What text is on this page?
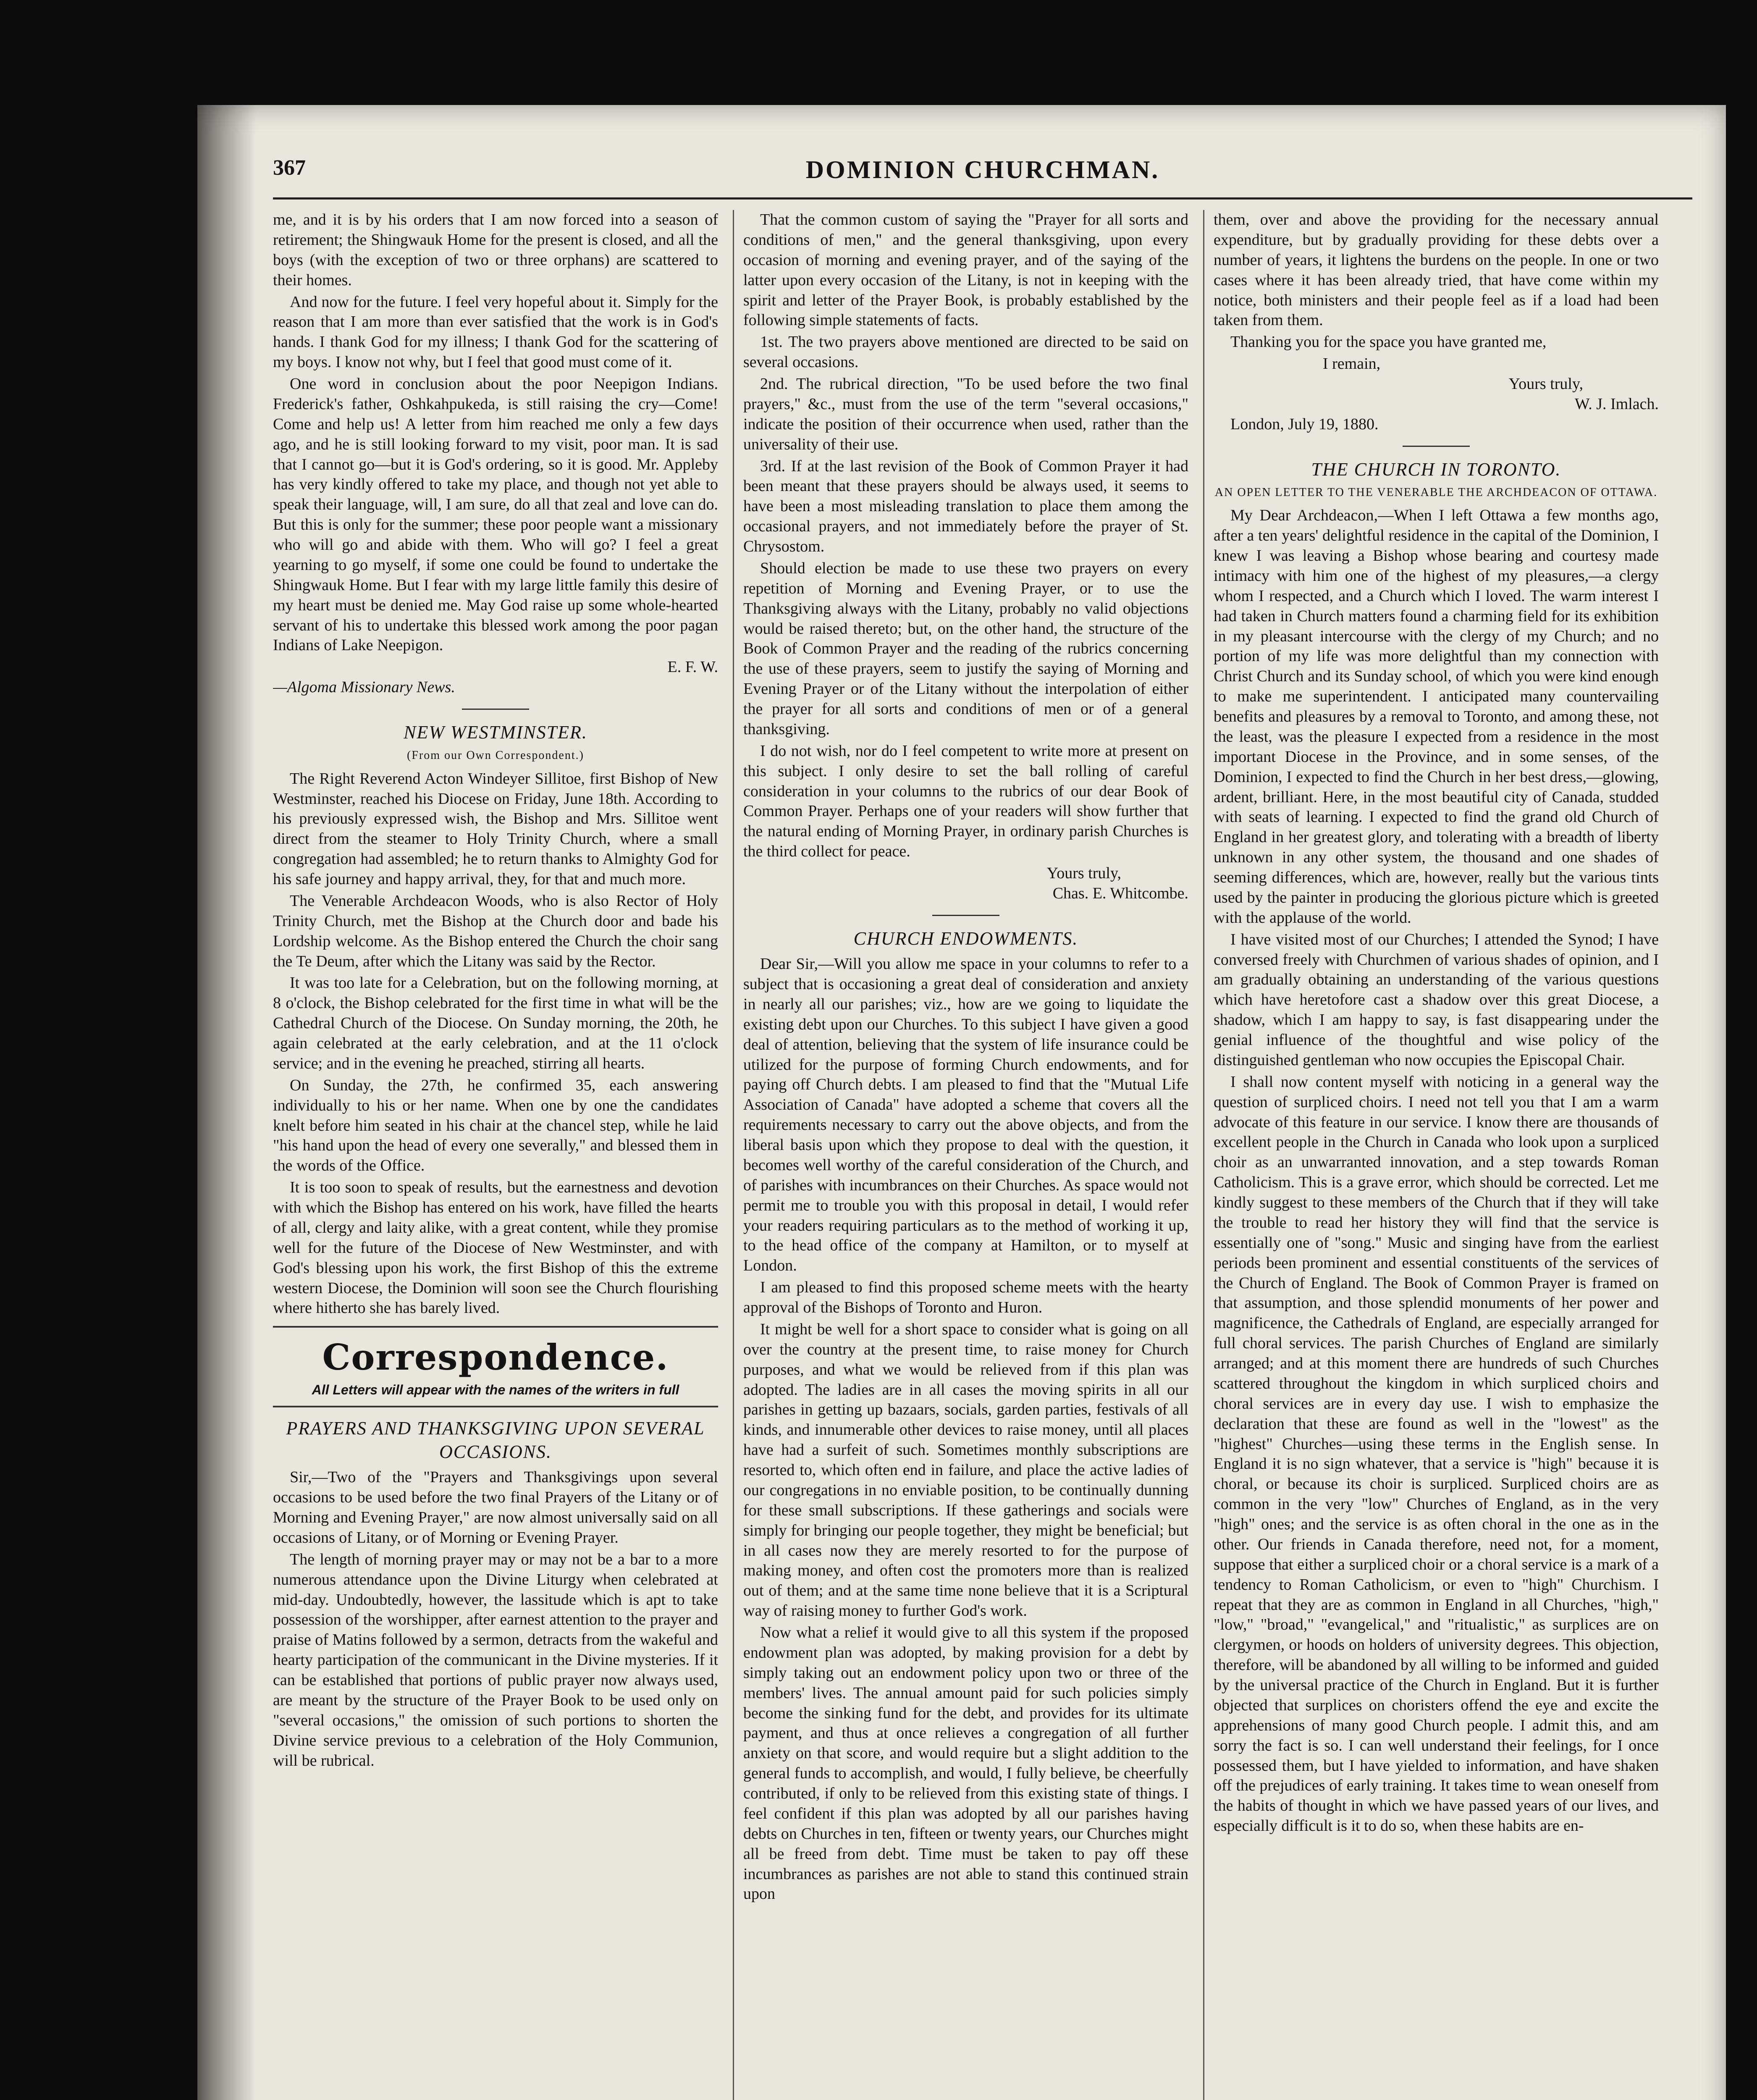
367	DOMINION CHURCHMAN.

me, and it is by his orders that I am now forced into a season of retirement; the Shingwauk Home for the present is closed, and all the boys (with the exception of two or three orphans) are scattered to their homes.

And now for the future. I feel very hopeful about it. Simply for the reason that I am more than ever satisfied that the work is in God's hands. I thank God for my illness; I thank God for the scattering of my boys. I know not why, but I feel that good must come of it.

One word in conclusion about the poor Neepigon Indians. Frederick's father, Oshkahpukeda, is still raising the cry—Come! Come and help us! A letter from him reached me only a few days ago, and he is still looking forward to my visit, poor man. It is sad that I cannot go—but it is God's ordering, so it is good. Mr. Appleby has very kindly offered to take my place, and though not yet able to speak their language, will, I am sure, do all that zeal and love can do. But this is only for the summer; these poor people want a missionary who will go and abide with them. Who will go? I feel a great yearning to go myself, if some one could be found to undertake the Shingwauk Home. But I fear with my large little family this desire of my heart must be denied me. May God raise up some whole-hearted servant of his to undertake this blessed work among the poor pagan Indians of Lake Neepigon.

E. F. W.
—Algoma Missionary News.
NEW WESTMINSTER.
(From our Own Correspondent.)

The Right Reverend Acton Windeyer Sillitoe, first Bishop of New Westminster, reached his Diocese on Friday, June 18th. According to his previously expressed wish, the Bishop and Mrs. Sillitoe went direct from the steamer to Holy Trinity Church, where a small congregation had assembled; he to return thanks to Almighty God for his safe journey and happy arrival, they, for that and much more.

The Venerable Archdeacon Woods, who is also Rector of Holy Trinity Church, met the Bishop at the Church door and bade his Lordship welcome. As the Bishop entered the Church the choir sang the Te Deum, after which the Litany was said by the Rector.

It was too late for a Celebration, but on the following morning, at 8 o'clock, the Bishop celebrated for the first time in what will be the Cathedral Church of the Diocese. On Sunday morning, the 20th, he again celebrated at the early celebration, and at the 11 o'clock service; and in the evening he preached, stirring all hearts.

On Sunday, the 27th, he confirmed 35, each answering individually to his or her name. When one by one the candidates knelt before him seated in his chair at the chancel step, while he laid "his hand upon the head of every one severally," and blessed them in the words of the Office.

It is too soon to speak of results, but the earnestness and devotion with which the Bishop has entered on his work, have filled the hearts of all, clergy and laity alike, with a great content, while they promise well for the future of the Diocese of New Westminster, and with God's blessing upon his work, the first Bishop of this the extreme western Diocese, the Dominion will soon see the Church flourishing where hitherto she has barely lived.

Correspondence.
All Letters will appear with the names of the writers in full
PRAYERS AND THANKSGIVING UPON SEVERAL OCCASIONS.

Sir,—Two of the "Prayers and Thanksgivings upon several occasions to be used before the two final Prayers of the Litany or of Morning and Evening Prayer," are now almost universally said on all occasions of Litany, or of Morning or Evening Prayer.

The length of morning prayer may or may not be a bar to a more numerous attendance upon the Divine Liturgy when celebrated at mid-day. Undoubtedly, however, the lassitude which is apt to take possession of the worshipper, after earnest attention to the prayer and praise of Matins followed by a sermon, detracts from the wakeful and hearty participation of the communicant in the Divine mysteries. If it can be established that portions of public prayer now always used, are meant by the structure of the Prayer Book to be used only on "several occasions," the omission of such portions to shorten the Divine service previous to a celebration of the Holy Communion, will be rubrical.

That the common custom of saying the "Prayer for all sorts and conditions of men," and the general thanksgiving, upon every occasion of morning and evening prayer, and of the saying of the latter upon every occasion of the Litany, is not in keeping with the spirit and letter of the Prayer Book, is probably established by the following simple statements of facts.

1st. The two prayers above mentioned are directed to be said on several occasions.

2nd. The rubrical direction, "To be used before the two final prayers," &c., must from the use of the term "several occasions," indicate the position of their occurrence when used, rather than the universality of their use.

3rd. If at the last revision of the Book of Common Prayer it had been meant that these prayers should be always used, it seems to have been a most misleading translation to place them among the occasional prayers, and not immediately before the prayer of St. Chrysostom.

Should election be made to use these two prayers on every repetition of Morning and Evening Prayer, or to use the Thanksgiving always with the Litany, probably no valid objections would be raised thereto; but, on the other hand, the structure of the Book of Common Prayer and the reading of the rubrics concerning the use of these prayers, seem to justify the saying of Morning and Evening Prayer or of the Litany without the interpolation of either the prayer for all sorts and conditions of men or of a general thanksgiving.

I do not wish, nor do I feel competent to write more at present on this subject. I only desire to set the ball rolling of careful consideration in your columns to the rubrics of our dear Book of Common Prayer. Perhaps one of your readers will show further that the natural ending of Morning Prayer, in ordinary parish Churches is the third collect for peace.

Yours truly,
Chas. E. Whitcombe.
CHURCH ENDOWMENTS.

Dear Sir,—Will you allow me space in your columns to refer to a subject that is occasioning a great deal of consideration and anxiety in nearly all our parishes; viz., how are we going to liquidate the existing debt upon our Churches. To this subject I have given a good deal of attention, believing that the system of life insurance could be utilized for the purpose of forming Church endowments, and for paying off Church debts. I am pleased to find that the "Mutual Life Association of Canada" have adopted a scheme that covers all the requirements necessary to carry out the above objects, and from the liberal basis upon which they propose to deal with the question, it becomes well worthy of the careful consideration of the Church, and of parishes with incumbrances on their Churches. As space would not permit me to trouble you with this proposal in detail, I would refer your readers requiring particulars as to the method of working it up, to the head office of the company at Hamilton, or to myself at London.

I am pleased to find this proposed scheme meets with the hearty approval of the Bishops of Toronto and Huron.

It might be well for a short space to consider what is going on all over the country at the present time, to raise money for Church purposes, and what we would be relieved from if this plan was adopted. The ladies are in all cases the moving spirits in all our parishes in getting up bazaars, socials, garden parties, festivals of all kinds, and innumerable other devices to raise money, until all places have had a surfeit of such. Sometimes monthly subscriptions are resorted to, which often end in failure, and place the active ladies of our congregations in no enviable position, to be continually dunning for these small subscriptions. If these gatherings and socials were simply for bringing our people together, they might be beneficial; but in all cases now they are merely resorted to for the purpose of making money, and often cost the promoters more than is realized out of them; and at the same time none believe that it is a Scriptural way of raising money to further God's work.

Now what a relief it would give to all this system if the proposed endowment plan was adopted, by making provision for a debt by simply taking out an endowment policy upon two or three of the members' lives. The annual amount paid for such policies simply become the sinking fund for the debt, and provides for its ultimate payment, and thus at once relieves a congregation of all further anxiety on that score, and would require but a slight addition to the general funds to accomplish, and would, I fully believe, be cheerfully contributed, if only to be relieved from this existing state of things. I feel confident if this plan was adopted by all our parishes having debts on Churches in ten, fifteen or twenty years, our Churches might all be freed from debt. Time must be taken to pay off these incumbrances as parishes are not able to stand this continued strain upon

them, over and above the providing for the necessary annual expenditure, but by gradually providing for these debts over a number of years, it lightens the burdens on the people. In one or two cases where it has been already tried, that have come within my notice, both ministers and their people feel as if a load had been taken from them.

Thanking you for the space you have granted me,

I remain,
Yours truly,
W. J. Imlach.
London, July 19, 1880.
THE CHURCH IN TORONTO.
AN OPEN LETTER TO THE VENERABLE THE ARCHDEACON OF OTTAWA.

My Dear Archdeacon,—When I left Ottawa a few months ago, after a ten years' delightful residence in the capital of the Dominion, I knew I was leaving a Bishop whose bearing and courtesy made intimacy with him one of the highest of my pleasures,—a clergy whom I respected, and a Church which I loved. The warm interest I had taken in Church matters found a charming field for its exhibition in my pleasant intercourse with the clergy of my Church; and no portion of my life was more delightful than my connection with Christ Church and its Sunday school, of which you were kind enough to make me superintendent. I anticipated many countervailing benefits and pleasures by a removal to Toronto, and among these, not the least, was the pleasure I expected from a residence in the most important Diocese in the Province, and in some senses, of the Dominion, I expected to find the Church in her best dress,—glowing, ardent, brilliant. Here, in the most beautiful city of Canada, studded with seats of learning. I expected to find the grand old Church of England in her greatest glory, and tolerating with a breadth of liberty unknown in any other system, the thousand and one shades of seeming differences, which are, however, really but the various tints used by the painter in producing the glorious picture which is greeted with the applause of the world.

I have visited most of our Churches; I attended the Synod; I have conversed freely with Churchmen of various shades of opinion, and I am gradually obtaining an understanding of the various questions which have heretofore cast a shadow over this great Diocese, a shadow, which I am happy to say, is fast disappearing under the genial influence of the thoughtful and wise policy of the distinguished gentleman who now occupies the Episcopal Chair.

I shall now content myself with noticing in a general way the question of surpliced choirs. I need not tell you that I am a warm advocate of this feature in our service. I know there are thousands of excellent people in the Church in Canada who look upon a surpliced choir as an unwarranted innovation, and a step towards Roman Catholicism. This is a grave error, which should be corrected. Let me kindly suggest to these members of the Church that if they will take the trouble to read her history they will find that the service is essentially one of "song." Music and singing have from the earliest periods been prominent and essential constituents of the services of the Church of England. The Book of Common Prayer is framed on that assumption, and those splendid monuments of her power and magnificence, the Cathedrals of England, are especially arranged for full choral services. The parish Churches of England are similarly arranged; and at this moment there are hundreds of such Churches scattered throughout the kingdom in which surpliced choirs and choral services are in every day use. I wish to emphasize the declaration that these are found as well in the "lowest" as the "highest" Churches—using these terms in the English sense. In England it is no sign whatever, that a service is "high" because it is choral, or because its choir is surpliced. Surpliced choirs are as common in the very "low" Churches of England, as in the very "high" ones; and the service is as often choral in the one as in the other. Our friends in Canada therefore, need not, for a moment, suppose that either a surpliced choir or a choral service is a mark of a tendency to Roman Catholicism, or even to "high" Churchism. I repeat that they are as common in England in all Churches, "high," "low," "broad," "evangelical," and "ritualistic," as surplices are on clergymen, or hoods on holders of university degrees. This objection, therefore, will be abandoned by all willing to be informed and guided by the universal practice of the Church in England. But it is further objected that surplices on choristers offend the eye and excite the apprehensions of many good Church people. I admit this, and am sorry the fact is so. I can well understand their feelings, for I once possessed them, but I have yielded to information, and have shaken off the prejudices of early training. It takes time to wean oneself from the habits of thought in which we have passed years of our lives, and especially difficult is it to do so, when these habits are en-
